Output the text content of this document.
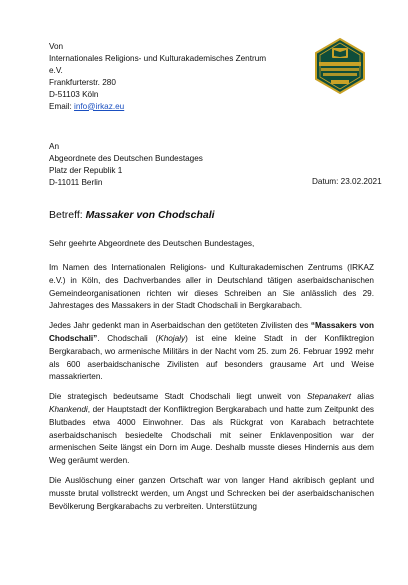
Von
Internationales Religions- und Kulturakademisches Zentrum
e.V.
Frankfurterstr. 280
D-51103 Köln
Email: info@irkaz.eu
An
Abgeordnete des Deutschen Bundestages
Platz der Republik 1
D-11011 Berlin	Datum: 23.02.2021
Betreff: Massaker von Chodschali
Sehr geehrte Abgeordnete des Deutschen Bundestages,

Im Namen des Internationalen Religions- und Kulturakademischen Zentrums (IRKAZ e.V.) in Köln, des Dachverbandes aller in Deutschland tätigen aserbaidschanischen Gemeindeorganisationen richten wir dieses Schreiben an Sie anlässlich des 29. Jahrestages des Massakers in der Stadt Chodschali in Bergkarabach.

Jedes Jahr gedenkt man in Aserbaidschan den getöteten Zivilisten des “Massakers von Chodschali”. Chodschali (Khojaly) ist eine kleine Stadt in der Konfliktregion Bergkarabach, wo armenische Militärs in der Nacht vom 25. zum 26. Februar 1992 mehr als 600 aserbaidschanische Zivilisten auf besonders grausame Art und Weise massakrierten.

Die strategisch bedeutsame Stadt Chodschali liegt unweit von Stepanakert alias Khankendi, der Hauptstadt der Konfliktregion Bergkarabach und hatte zum Zeitpunkt des Blutbades etwa 4000 Einwohner. Das als Rückgrat von Karabach betrachtete aserbaidschanisch besiedelte Chodschali mit seiner Enklavenposition war der armenischen Seite längst ein Dorn im Auge. Deshalb musste dieses Hindernis aus dem Weg geräumt werden.

Die Auslöschung einer ganzen Ortschaft war von langer Hand akribisch geplant und musste brutal vollstreckt werden, um Angst und Schrecken bei der aserbaidschanischen Bevölkerung Bergkarabachs zu verbreiten. Unterstützung
